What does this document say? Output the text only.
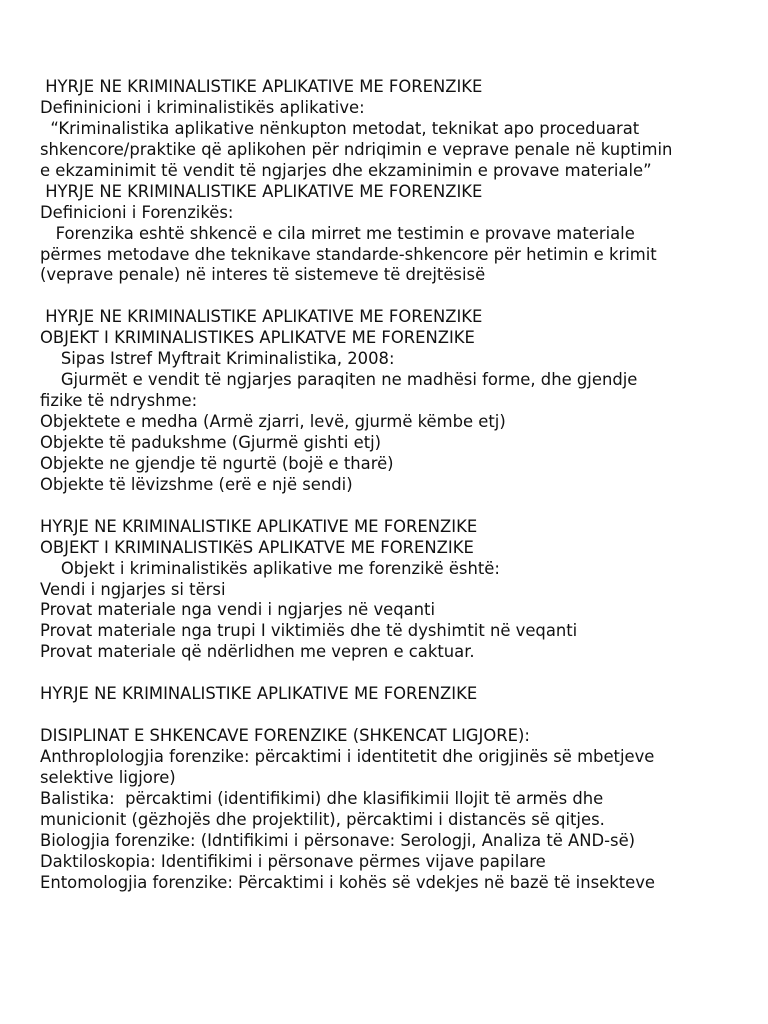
HYRJE NE KRIMINALISTIKE APLIKATIVE ME FORENZIKE
Defininicioni i kriminalistikës aplikative:
“Kriminalistika aplikative nënkupton metodat, teknikat apo proceduarat
shkencore/praktike që aplikohen për ndriqimin e veprave penale në kuptimin
e ekzaminimit të vendit të ngjarjes dhe ekzaminimin e provave materiale”
HYRJE NE KRIMINALISTIKE APLIKATIVE ME FORENZIKE
Definicioni i Forenzikës:
Forenzika eshtë shkencë e cila mirret me testimin e provave materiale
përmes metodave dhe teknikave standarde-shkencore për hetimin e krimit
(veprave penale) në interes të sistemeve të drejtësisë
HYRJE NE KRIMINALISTIKE APLIKATIVE ME FORENZIKE
OBJEKT I KRIMINALISTIKES APLIKATVE ME FORENZIKE
Sipas Istref Myftrait Kriminalistika, 2008:
Gjurmët e vendit të ngjarjes paraqiten ne madhësi forme, dhe gjendje
fizike të ndryshme:
Objektete e medha (Armë zjarri, levë, gjurmë këmbe etj)
Objekte të padukshme (Gjurmë gishti etj)
Objekte ne gjendje të ngurtë (bojë e tharë)
Objekte të lëvizshme (erë e një sendi)
HYRJE NE KRIMINALISTIKE APLIKATIVE ME FORENZIKE
OBJEKT I KRIMINALISTIKëS APLIKATVE ME FORENZIKE
Objekt i kriminalistikës aplikative me forenzikë është:
Vendi i ngjarjes si tërsi
Provat materiale nga vendi i ngjarjes në veqanti
Provat materiale nga trupi I viktimiës dhe të dyshimtit në veqanti
Provat materiale që ndërlidhen me vepren e caktuar.
HYRJE NE KRIMINALISTIKE APLIKATIVE ME FORENZIKE
DISIPLINAT E SHKENCAVE FORENZIKE (SHKENCAT LIGJORE):
Anthroplologjia forenzike: përcaktimi i identitetit dhe origjinës së mbetjeve
selektive ligjore)
Balistika:  përcaktimi (identifikimi) dhe klasifikimii llojit të armës dhe
municionit (gëzhojës dhe projektilit), përcaktimi i distancës së qitjes.
Biologjia forenzike: (Idntifikimi i përsonave: Serologji, Analiza të AND-së)
Daktiloskopia: Identifikimi i përsonave përmes vijave papilare
Entomologjia forenzike: Përcaktimi i kohës së vdekjes në bazë të insekteve
